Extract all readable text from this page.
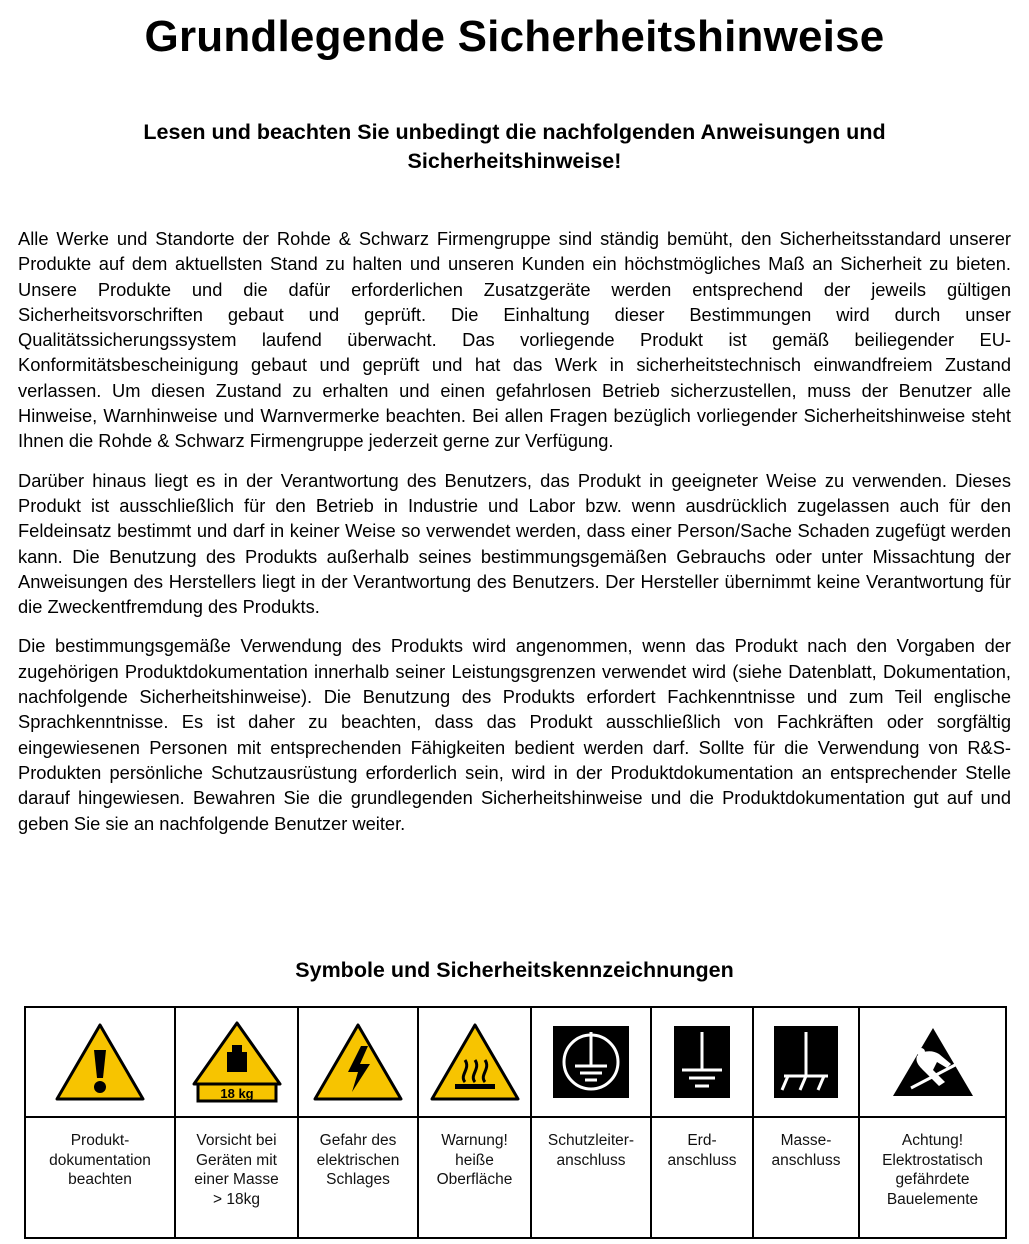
Grundlegende Sicherheitshinweise
Lesen und beachten Sie unbedingt die nachfolgenden Anweisungen und Sicherheitshinweise!

Alle Werke und Standorte der Rohde & Schwarz Firmengruppe sind ständig bemüht, den Sicherheitsstandard unserer Produkte auf dem aktuellsten Stand zu halten und unseren Kunden ein höchstmögliches Maß an Sicherheit zu bieten. Unsere Produkte und die dafür erforderlichen Zusatzgeräte werden entsprechend der jeweils gültigen Sicherheitsvorschriften gebaut und geprüft. Die Einhaltung dieser Bestimmungen wird durch unser Qualitätssicherungssystem laufend überwacht. Das vorliegende Produkt ist gemäß beiliegender EU-Konformitätsbescheinigung gebaut und geprüft und hat das Werk in sicherheitstechnisch einwandfreiem Zustand verlassen. Um diesen Zustand zu erhalten und einen gefahrlosen Betrieb sicherzustellen, muss der Benutzer alle Hinweise, Warnhinweise und Warnvermerke beachten. Bei allen Fragen bezüglich vorliegender Sicherheitshinweise steht Ihnen die Rohde & Schwarz Firmengruppe jederzeit gerne zur Verfügung.

Darüber hinaus liegt es in der Verantwortung des Benutzers, das Produkt in geeigneter Weise zu verwenden. Dieses Produkt ist ausschließlich für den Betrieb in Industrie und Labor bzw. wenn ausdrücklich zugelassen auch für den Feldeinsatz bestimmt und darf in keiner Weise so verwendet werden, dass einer Person/Sache Schaden zugefügt werden kann. Die Benutzung des Produkts außerhalb seines bestimmungsgemäßen Gebrauchs oder unter Missachtung der Anweisungen des Herstellers liegt in der Verantwortung des Benutzers. Der Hersteller übernimmt keine Verantwortung für die Zweckentfremdung des Produkts.

Die bestimmungsgemäße Verwendung des Produkts wird angenommen, wenn das Produkt nach den Vorgaben der zugehörigen Produktdokumentation innerhalb seiner Leistungsgrenzen verwendet wird (siehe Datenblatt, Dokumentation, nachfolgende Sicherheitshinweise). Die Benutzung des Produkts erfordert Fachkenntnisse und zum Teil englische Sprachkenntnisse. Es ist daher zu beachten, dass das Produkt ausschließlich von Fachkräften oder sorgfältig eingewiesenen Personen mit entsprechenden Fähigkeiten bedient werden darf. Sollte für die Verwendung von R&S-Produkten persönliche Schutzausrüstung erforderlich sein, wird in der Produktdokumentation an entsprechender Stelle darauf hingewiesen. Bewahren Sie die grundlegenden Sicherheitshinweise und die Produktdokumentation gut auf und geben Sie sie an nachfolgende Benutzer weiter.

Symbole und Sicherheitskennzeichnungen

18 kg

Produkt-
dokumentation
beachten	Vorsicht bei
Geräten mit
einer Masse
> 18kg	Gefahr des
elektrischen
Schlages	Warnung!
heiße
Oberfläche	Schutzleiter-
anschluss	Erd-
anschluss	Masse-
anschluss	Achtung!
Elektrostatisch
gefährdete
Bauelemente
